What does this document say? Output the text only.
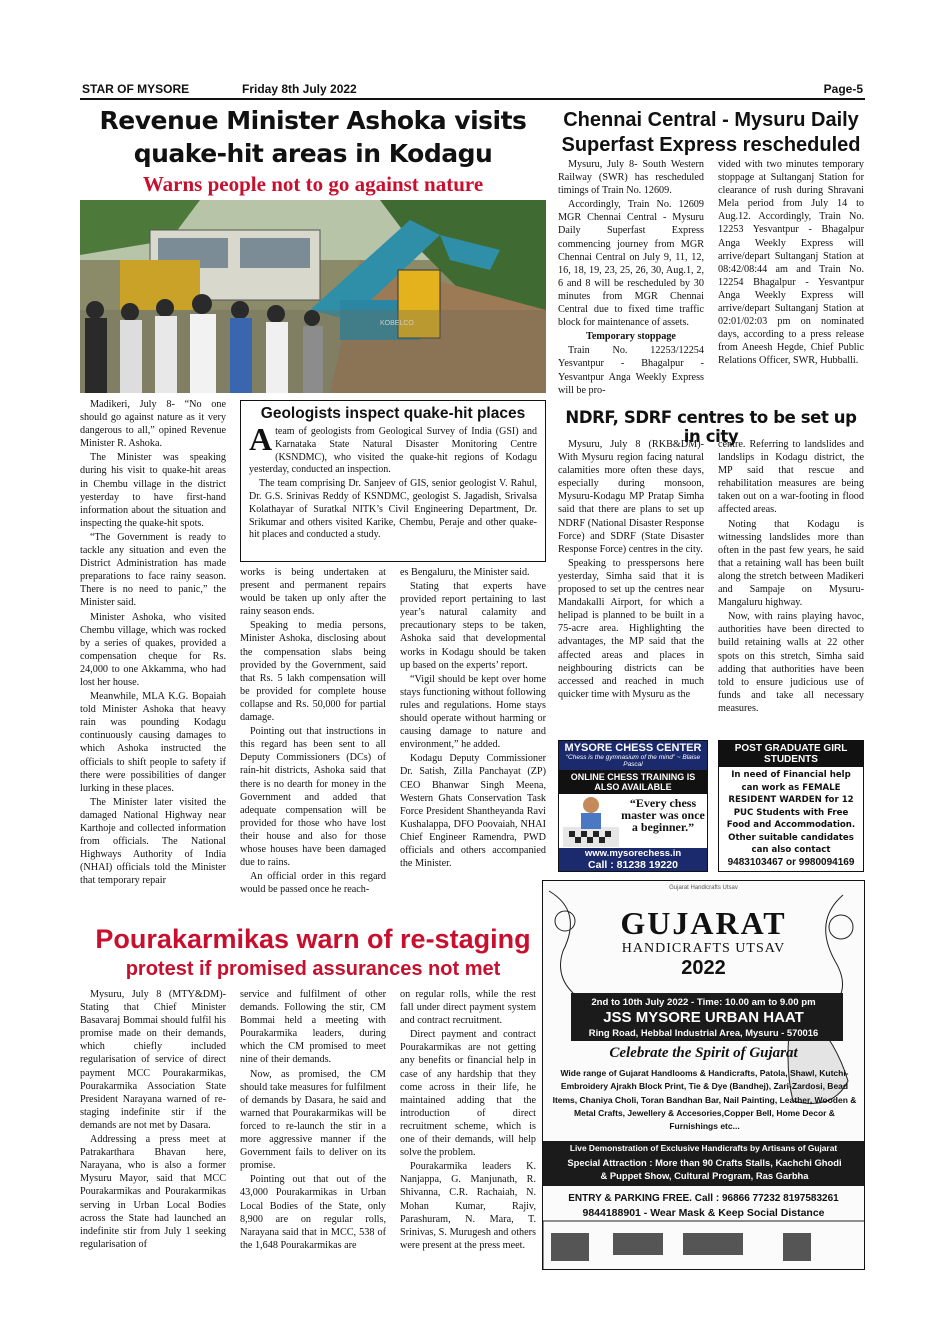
STAR OF MYSORE	Friday 8th July 2022	Page-5
Revenue Minister Ashoka visits quake-hit areas in Kodagu
Warns people not to go against nature
KOBELCO

Madikeri, July 8- “No one should go against nature as it very dangerous to all,” opined Revenue Minister R. Ashoka.

The Minister was speaking during his visit to quake-hit areas in Chembu village in the district yesterday to have first-hand information about the situation and inspecting the quake-hit spots.

“The Government is ready to tackle any situation and even the District Administration has made preparations to face rainy season. There is no need to panic,” the Minister said.

Minister Ashoka, who visited Chembu village, which was rocked by a series of quakes, provided a compensation cheque for Rs. 24,000 to one Akkamma, who had lost her house.

Meanwhile, MLA K.G. Bopaiah told Minister Ashoka that heavy rain was pounding Kodagu continuously causing damages to which Ashoka instructed the officials to shift people to safety if there were possibilities of danger lurking in these places.

The Minister later visited the damaged National Highway near Karthoje and collected information from officials. The National Highways Authority of India (NHAI) officials told the Minister that temporary repair

Geologists inspect quake-hit places

Ateam of geologists from Geological Survey of India (GSI) and Karnataka State Natural Disaster Monitoring Centre (KSNDMC), who visited the quake-hit regions of Kodagu yesterday, conducted an inspection.

The team comprising Dr. Sanjeev of GIS, senior geologist V. Rahul, Dr. G.S. Srinivas Reddy of KSNDMC, geologist S. Jagadish, Srivalsa Kolathayar of Suratkal NITK’s Civil Engineering Department, Dr. Srikumar and others visited Karike, Chembu, Peraje and other quake-hit places and conducted a study.

works is being undertaken at present and permanent repairs would be taken up only after the rainy season ends.

Speaking to media persons, Minister Ashoka, disclosing about the compensation slabs being provided by the Government, said that Rs. 5 lakh compensation will be provided for complete house collapse and Rs. 50,000 for partial damage.

Pointing out that instructions in this regard has been sent to all Deputy Commissioners (DCs) of rain-hit districts, Ashoka said that there is no dearth for money in the Government and added that adequate compensation will be provided for those who have lost their house and also for those whose houses have been damaged due to rains.

An official order in this regard would be passed once he reach-

es Bengaluru, the Minister said.

Stating that experts have provided report pertaining to last year’s natural calamity and precautionary steps to be taken, Ashoka said that developmental works in Kodagu should be taken up based on the experts’ report.

“Vigil should be kept over home stays functioning without following rules and regulations. Home stays should operate without harming or causing damage to nature and environment,” he added.

Kodagu Deputy Commissioner Dr. Satish, Zilla Panchayat (ZP) CEO Bhanwar Singh Meena, Western Ghats Conservation Task Force President Shantheyanda Ravi Kushalappa, DFO Poovaiah, NHAI Chief Engineer Ramendra, PWD officials and others accompanied the Minister.

Chennai Central - Mysuru Daily Superfast Express rescheduled

Mysuru, July 8- South Western Railway (SWR) has rescheduled timings of Train No. 12609.

Accordingly, Train No. 12609 MGR Chennai Central - Mysuru Daily Superfast Express commencing journey from MGR Chennai Central on July 9, 11, 12, 16, 18, 19, 23, 25, 26, 30, Aug.1, 2, 6 and 8 will be rescheduled by 30 minutes from MGR Chennai Central due to fixed time traffic block for maintenance of assets.

Temporary stoppage

Train No. 12253/12254 Yesvantpur - Bhagalpur - Yesvantpur Anga Weekly Express will be pro-

vided with two minutes temporary stoppage at Sultanganj Station for clearance of rush during Shravani Mela period from July 14 to Aug.12. Accordingly, Train No. 12253 Yesvantpur - Bhagalpur Anga Weekly Express will arrive/depart Sultanganj Station at 08:42/08:44 am and Train No. 12254 Bhagalpur - Yesvantpur Anga Weekly Express will arrive/depart Sultanganj Station at 02:01/02:03 pm on nominated days, according to a press release from Aneesh Hegde, Chief Public Relations Officer, SWR, Hubballi.

NDRF, SDRF centres to be set up in city

Mysuru, July 8 (RKB&DM)- With Mysuru region facing natural calamities more often these days, especially during monsoon, Mysuru-Kodagu MP Pratap Simha said that there are plans to set up NDRF (National Disaster Response Force) and SDRF (State Disaster Response Force) centres in the city.

Speaking to presspersons here yesterday, Simha said that it is proposed to set up the centres near Mandakalli Airport, for which a helipad is planned to be built in a 75-acre area. Highlighting the advantages, the MP said that the affected areas and places in neighbouring districts can be accessed and reached in much quicker time with Mysuru as the

centre. Referring to landslides and landslips in Kodagu district, the MP said that rescue and rehabilitation measures are being taken out on a war-footing in flood affected areas.

Noting that Kodagu is witnessing landslides more than often in the past few years, he said that a retaining wall has been built along the stretch between Madikeri and Sampaje on Mysuru-Mangaluru highway.

Now, with rains playing havoc, authorities have been directed to build retaining walls at 22 other spots on this stretch, Simha said adding that authorities have been told to ensure judicious use of funds and take all necessary measures.

MYSORE CHESS CENTER
“Chess is the gymnasium of the mind” ~ Blaise Pascal
ONLINE CHESS TRAINING IS
ALSO AVAILABLE
“Every chess master was once a beginner.”
www.mysorechess.in
Call : 81238 19220
POST GRADUATE GIRL STUDENTS
In need of Financial help can work as FEMALE RESIDENT WARDEN for 12 PUC Students with Free Food and Accommodation. Other suitable candidates can also contact
9483103467 or 9980094169
Gujarat Handicrafts Utsav
GUJARAT
HANDICRAFTS UTSAV
2022
2nd to 10th July 2022 - Time: 10.00 am to 9.00 pm
JSS MYSORE URBAN HAAT
Ring Road, Hebbal Industrial Area, Mysuru - 570016
Celebrate the Spirit of Gujarat
Wide range of Gujarat Handlooms & Handicrafts, Patola, Shawl, Kutchi-Embroidery Ajrakh Block Print, Tie & Dye (Bandhej), Zari-Zardosi, Bead Items, Chaniya Choli, Toran Bandhan Bar, Nail Painting, Leather, Wooden & Metal Crafts, Jewellery & Accesories,Copper Bell, Home Decor & Furnishings etc...
Live Demonstration of Exclusive Handicrafts by Artisans of Gujarat
Special Attraction : More than 90 Crafts Stalls, Kachchi Ghodi & Puppet Show, Cultural Program, Ras Garbha
ENTRY & PARKING FREE. Call : 96866 77232 8197583261
9844188901 - Wear Mask & Keep Social Distance
Pourakarmikas warn of re-staging
protest if promised assurances not met

Mysuru, July 8 (MTY&DM)- Stating that Chief Minister Basavaraj Bommai should fulfil his promise made on their demands, which chiefly included regularisation of service of direct payment MCC Pourakarmikas, Pourakarmika Association State President Narayana warned of re-staging indefinite stir if the demands are not met by Dasara.

Addressing a press meet at Patrakarthara Bhavan here, Narayana, who is also a former Mysuru Mayor, said that MCC Pourakarmikas and Pourakarmikas serving in Urban Local Bodies across the State had launched an indefinite stir from July 1 seeking regularisation of

service and fulfilment of other demands. Following the stir, CM Bommai held a meeting with Pourakarmika leaders, during which the CM promised to meet nine of their demands.

Now, as promised, the CM should take measures for fulfilment of demands by Dasara, he said and warned that Pourakarmikas will be forced to re-launch the stir in a more aggressive manner if the Government fails to deliver on its promise.

Pointing out that out of the 43,000 Pourakarmikas in Urban Local Bodies of the State, only 8,900 are on regular rolls, Narayana said that in MCC, 538 of the 1,648 Pourakarmikas are

on regular rolls, while the rest fall under direct payment system and contract recruitment.

Direct payment and contract Pourakarmikas are not getting any benefits or financial help in case of any hardship that they come across in their life, he maintained adding that the introduction of direct recruitment scheme, which is one of their demands, will help solve the problem.

Pourakarmika leaders K. Nanjappa, G. Manjunath, R. Shivanna, C.R. Rachaiah, N. Mohan Kumar, Rajiv, Parashuram, N. Mara, T. Srinivas, S. Murugesh and others were present at the press meet.
